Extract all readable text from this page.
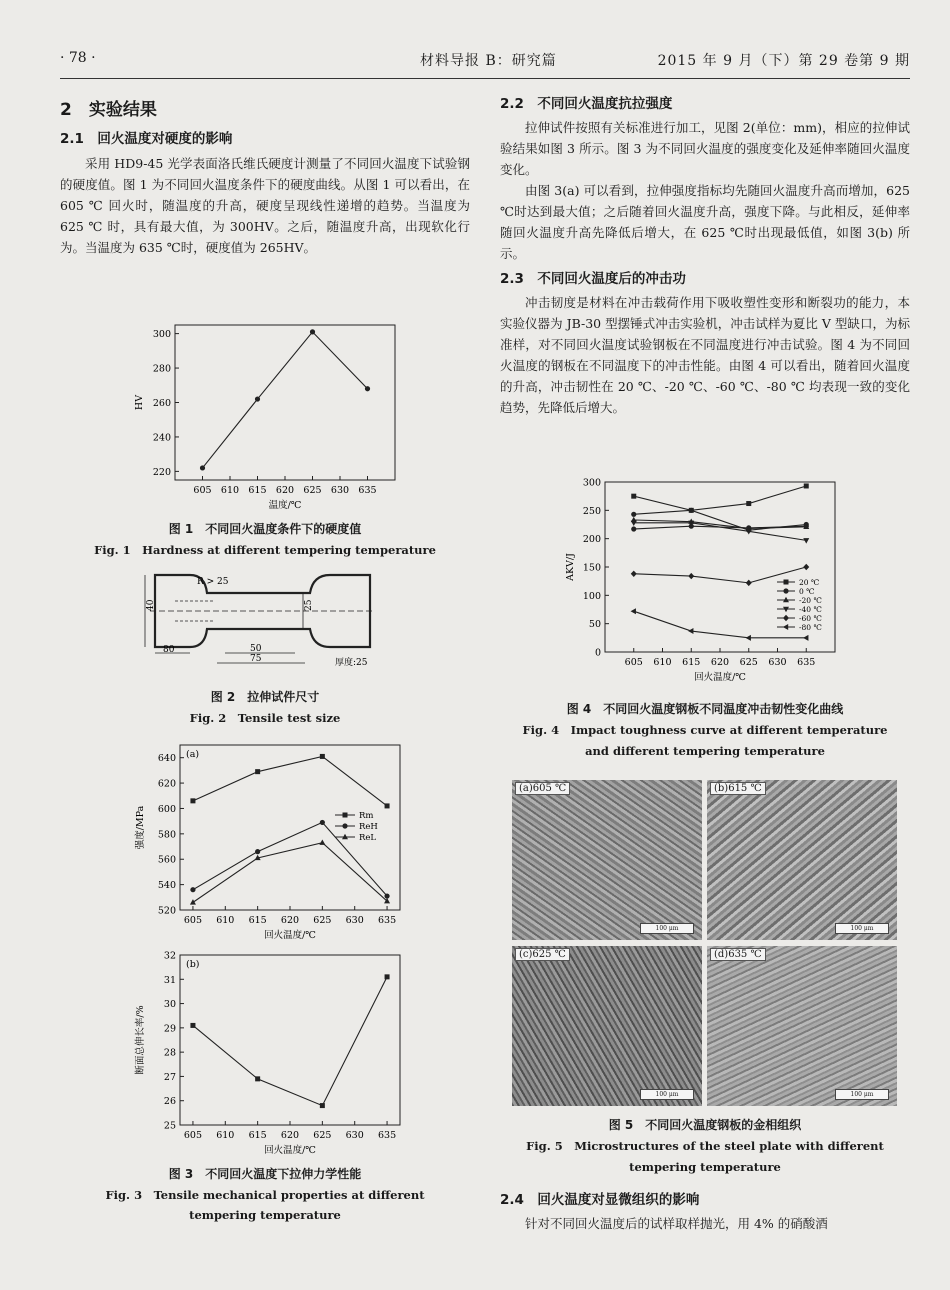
· 78 ·	材料导报 B：研究篇	2015 年 9 月（下）第 29 卷第 9 期
2　实验结果
2.1　回火温度对硬度的影响

采用 HD9-45 光学表面洛氏维氏硬度计测量了不同回火温度下试验钢的硬度值。图 1 为不同回火温度条件下的硬度曲线。从图 1 可以看出，在 605 ℃ 回火时，随温度的升高，硬度呈现线性递增的趋势。当温度为 625 ℃ 时，具有最大值，为 300HV。之后，随温度升高，出现软化行为。当温度为 635 ℃时，硬度值为 265HV。

605 610 615 620 625 630 635
220
240
260
280
300
温度/℃
HV
图 1　不同回火温度条件下的硬度值
Fig. 1　Hardness at different tempering temperature
40	25
R > 25
80	50
75	厚度:25
图 2　拉伸试件尺寸
Fig. 2　Tensile test size
605 610 615 620 625 630 635
520
540
560
580
600
620
640
回火温度/℃
强度/MPa
(a)
Rm
ReH
ReL
605 610 615 620 625 630 635
25
26
27
28
29
30
31
32
回火温度/℃
断面总伸长率/%
(b)
图 3　不同回火温度下拉伸力学性能
Fig. 3　Tensile mechanical properties at different
tempering temperature
2.2　不同回火温度抗拉强度

拉伸试件按照有关标准进行加工，见图 2(单位：mm)，相应的拉伸试验结果如图 3 所示。图 3 为不同回火温度的强度变化及延伸率随回火温度变化。

由图 3(a) 可以看到，拉伸强度指标均先随回火温度升高而增加，625 ℃时达到最大值；之后随着回火温度升高，强度下降。与此相反，延伸率随回火温度升高先降低后增大，在 625 ℃时出现最低值，如图 3(b) 所示。

2.3　不同回火温度后的冲击功

冲击韧度是材料在冲击载荷作用下吸收塑性变形和断裂功的能力，本实验仪器为 JB-30 型摆锤式冲击实验机，冲击试样为夏比 V 型缺口，为标准样，对不同回火温度试验钢板在不同温度进行冲击试验。图 4 为不同回火温度的钢板在不同温度下的冲击性能。由图 4 可以看出，随着回火温度的升高，冲击韧性在 20 ℃、-20 ℃、-60 ℃、-80 ℃ 均表现一致的变化趋势，先降低后增大。

605 610 615 620 625 630 635
0
50
100
150
200
250
300
回火温度/℃
AKV/J
20 ℃
0 ℃
-20 ℃
-40 ℃
-60 ℃
-80 ℃
图 4　不同回火温度钢板不同温度冲击韧性变化曲线
Fig. 4　Impact toughness curve at different temperature
and different tempering temperature
(a)605 ℃
100 μm
(b)615 ℃
100 μm
(c)625 ℃
100 μm
(d)635 ℃
100 μm
图 5　不同回火温度钢板的金相组织
Fig. 5　Microstructures of the steel plate with different
tempering temperature
2.4　回火温度对显微组织的影响

针对不同回火温度后的试样取样抛光，用 4% 的硝酸酒
